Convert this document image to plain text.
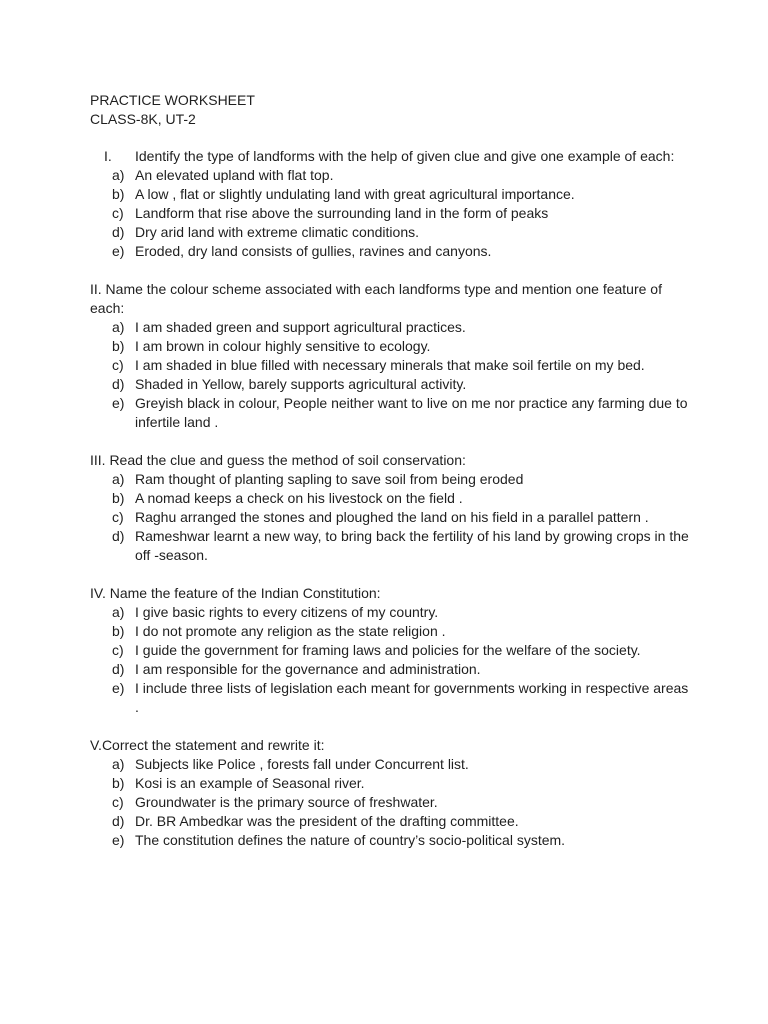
PRACTICE WORKSHEET
CLASS-8K, UT-2
I. Identify the type of landforms with the help of given clue and give one example of each:
a) An elevated upland with flat top.
b) A low , flat or slightly undulating land with great agricultural importance.
c) Landform that rise above the surrounding land in the form of peaks
d) Dry arid land with extreme climatic conditions.
e) Eroded, dry land consists of gullies, ravines and canyons.
II. Name the colour scheme associated with each landforms type and mention one feature of each:
a) I am shaded green and support agricultural practices.
b) I am brown in colour highly sensitive to ecology.
c) I am shaded in blue filled with necessary minerals that make soil fertile on my bed.
d) Shaded in Yellow, barely supports agricultural activity.
e) Greyish black in colour, People neither want to live on me nor practice any farming due to infertile land .
III. Read the clue and guess the method of soil conservation:
a) Ram thought of planting sapling to save soil from being eroded
b) A nomad keeps a check on his livestock on the field .
c) Raghu arranged the stones and ploughed the land on his field in a parallel pattern .
d) Rameshwar learnt a new way, to bring back the fertility of his land by growing crops in the off -season.
IV. Name the feature of the Indian Constitution:
a) I give basic rights to every citizens of my country.
b) I do not promote any religion as the state religion .
c) I guide the government for framing laws and policies for the welfare of the society.
d) I am responsible for the governance and administration.
e) I include three lists of legislation each meant for governments working in respective areas .
V.Correct the statement and rewrite it:
a) Subjects like Police , forests fall under Concurrent list.
b) Kosi is an example of Seasonal river.
c) Groundwater is the primary source of freshwater.
d) Dr. BR Ambedkar was the president of the drafting committee.
e) The constitution defines the nature of country’s socio-political system.
